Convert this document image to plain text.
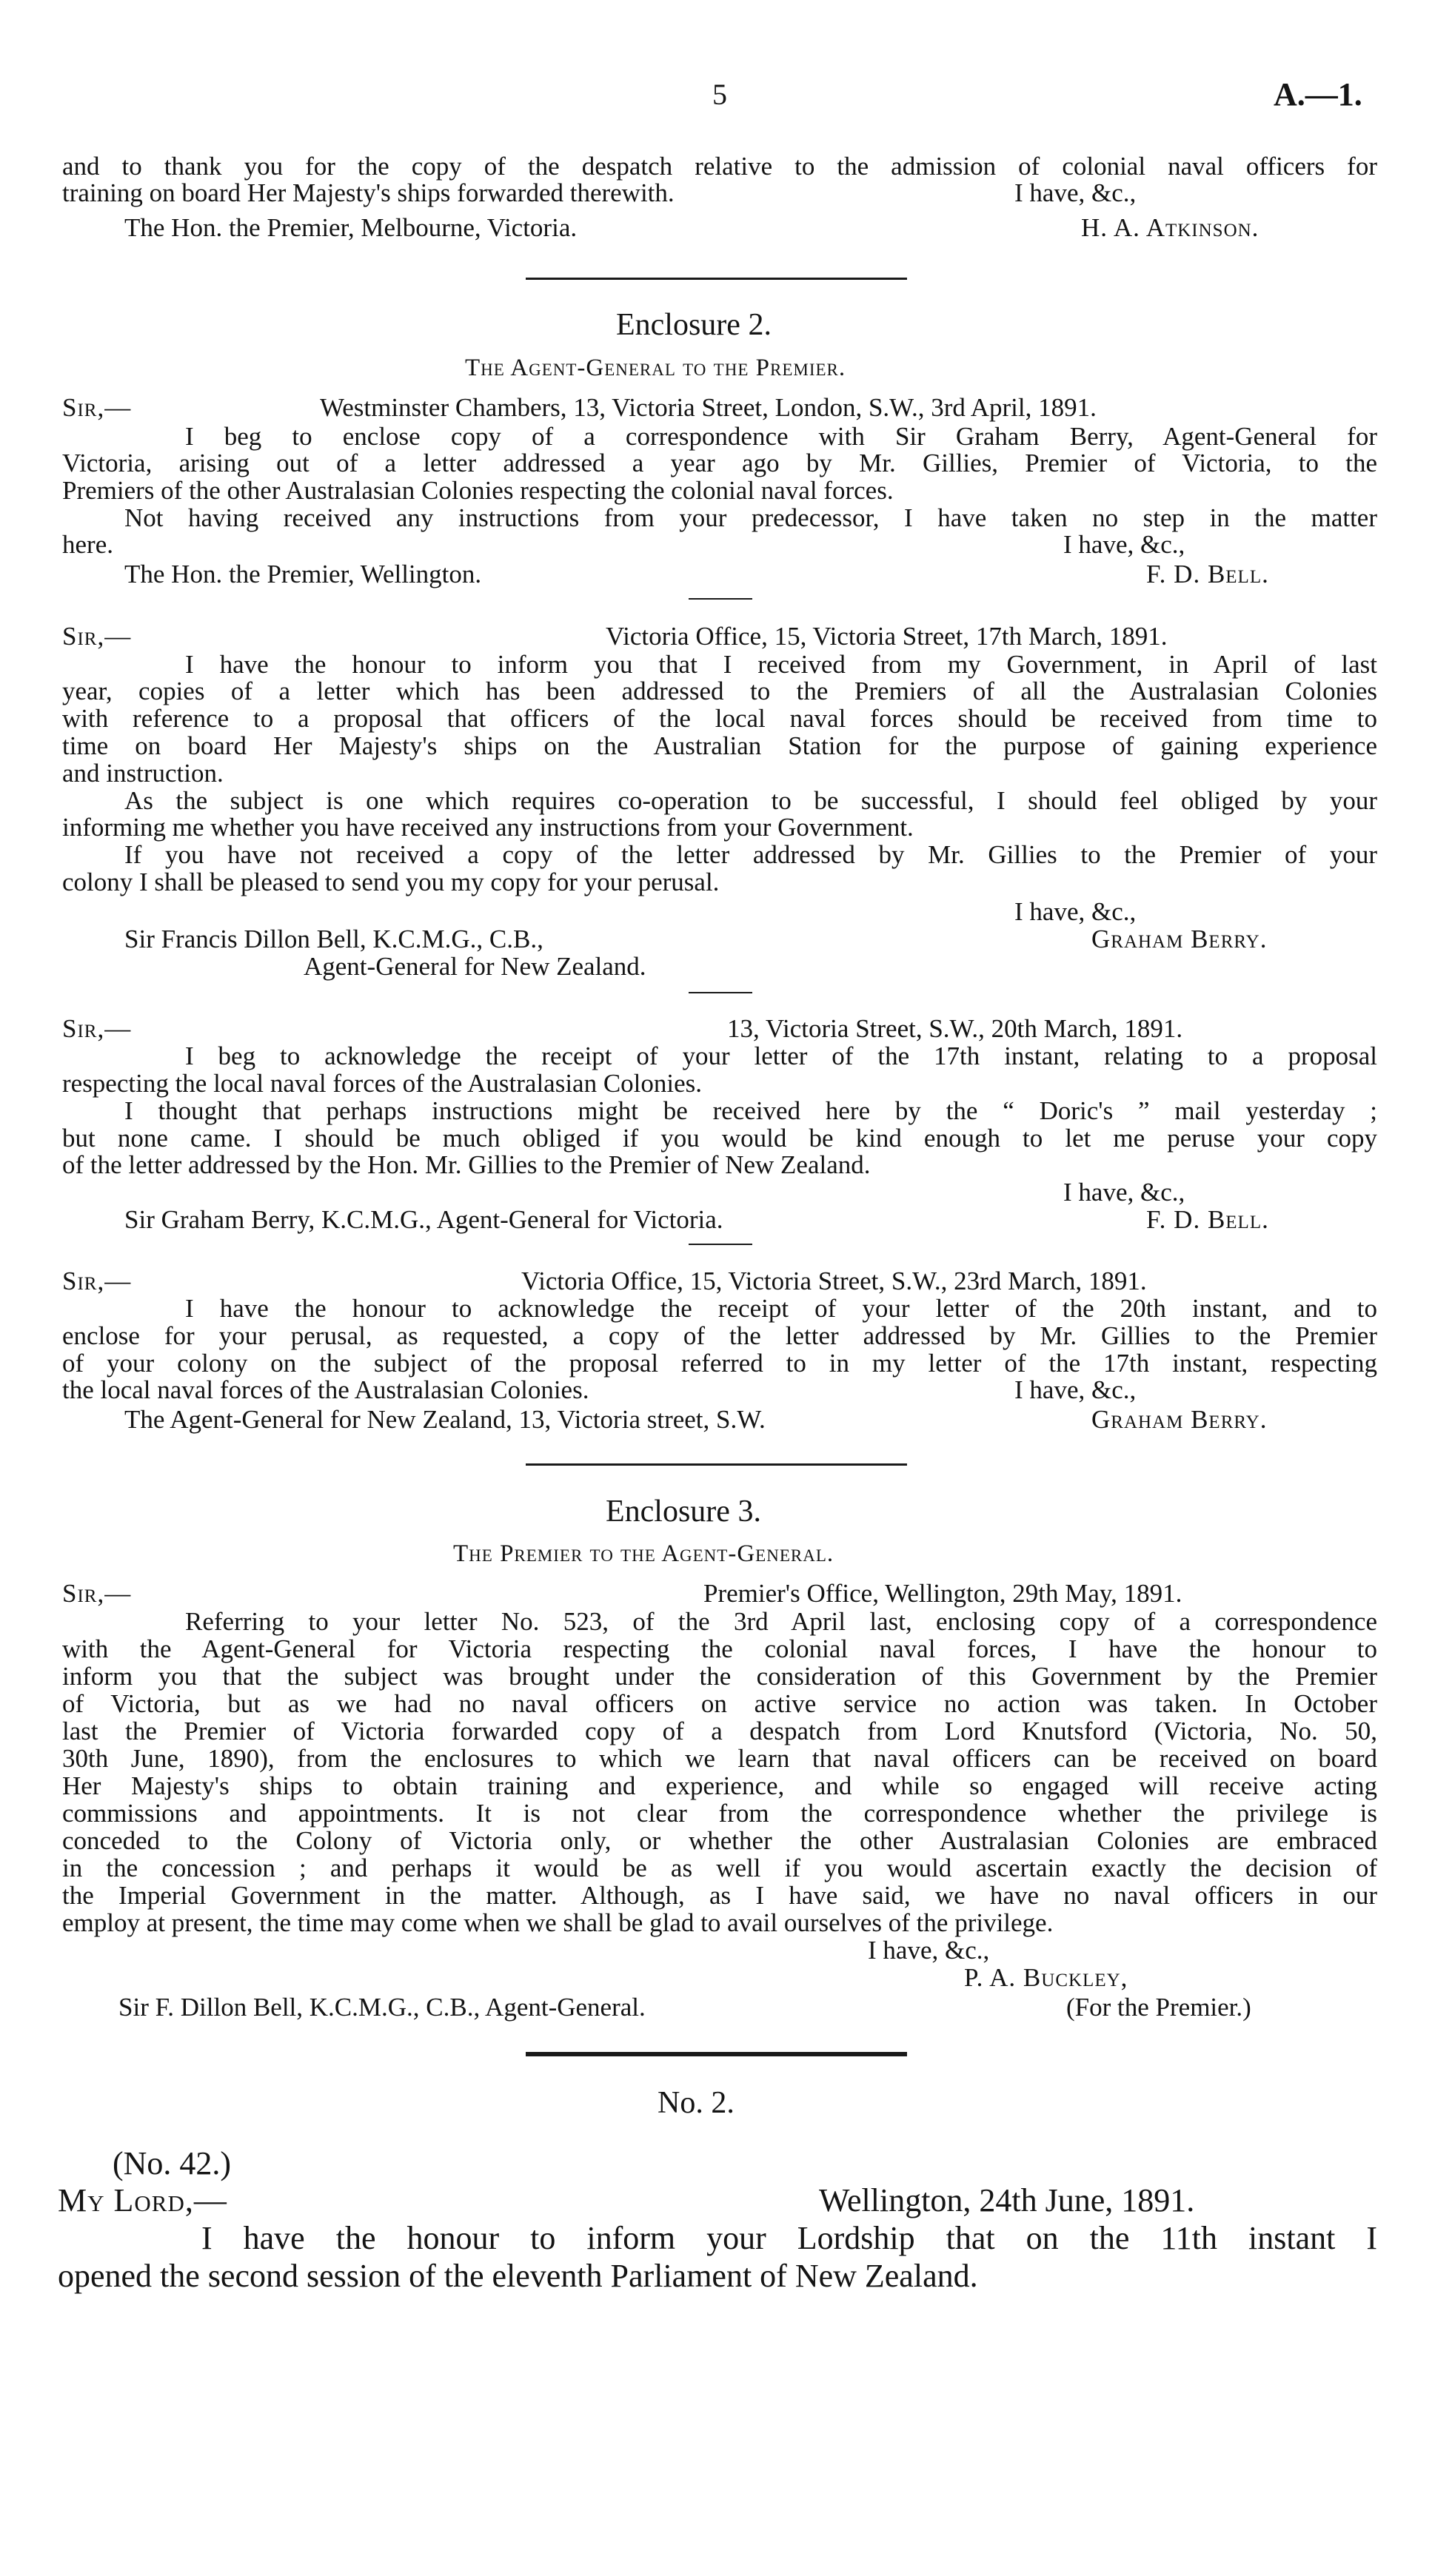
5	A.—1.
and to thank you for the copy of the despatch relative to the admission of colonial naval officers for
training on board Her Majesty's ships forwarded therewith.	I have, &c.,
The Hon. the Premier, Melbourne, Victoria.	H. A. Atkinson.
Enclosure 2.
The Agent-General to the Premier.
Sir,—	Westminster Chambers, 13, Victoria Street, London, S.W., 3rd April, 1891.
I beg to enclose copy of a correspondence with Sir Graham Berry, Agent-General for
Victoria, arising out of a letter addressed a year ago by Mr. Gillies, Premier of Victoria, to the
Premiers of the other Australasian Colonies respecting the colonial naval forces.
Not having received any instructions from your predecessor, I have taken no step in the matter
here.	I have, &c.,
The Hon. the Premier, Wellington.	F. D. Bell.
Sir,—	Victoria Office, 15, Victoria Street, 17th March, 1891.
I have the honour to inform you that I received from my Government, in April of last
year, copies of a letter which has been addressed to the Premiers of all the Australasian Colonies
with reference to a proposal that officers of the local naval forces should be received from time to
time on board Her Majesty's ships on the Australian Station for the purpose of gaining experience
and instruction.
As the subject is one which requires co-operation to be successful, I should feel obliged by your
informing me whether you have received any instructions from your Government.
If you have not received a copy of the letter addressed by Mr. Gillies to the Premier of your
colony I shall be pleased to send you my copy for your perusal.
I have, &c.,
Sir Francis Dillon Bell, K.C.M.G., C.B.,	Graham Berry.
Agent-General for New Zealand.
Sir,—	13, Victoria Street, S.W., 20th March, 1891.
I beg to acknowledge the receipt of your letter of the 17th instant, relating to a proposal
respecting the local naval forces of the Australasian Colonies.
I thought that perhaps instructions might be received here by the “ Doric's ” mail yesterday ;
but none came. I should be much obliged if you would be kind enough to let me peruse your copy
of the letter addressed by the Hon. Mr. Gillies to the Premier of New Zealand.
I have, &c.,
Sir Graham Berry, K.C.M.G., Agent-General for Victoria.	F. D. Bell.
Sir,—	Victoria Office, 15, Victoria Street, S.W., 23rd March, 1891.
I have the honour to acknowledge the receipt of your letter of the 20th instant, and to
enclose for your perusal, as requested, a copy of the letter addressed by Mr. Gillies to the Premier
of your colony on the subject of the proposal referred to in my letter of the 17th instant, respecting
the local naval forces of the Australasian Colonies.	I have, &c.,
The Agent-General for New Zealand, 13, Victoria street, S.W.	Graham Berry.
Enclosure 3.
The Premier to the Agent-General.
Sir,—	Premier's Office, Wellington, 29th May, 1891.
Referring to your letter No. 523, of the 3rd April last, enclosing copy of a correspondence
with the Agent-General for Victoria respecting the colonial naval forces, I have the honour to
inform you that the subject was brought under the consideration of this Government by the Premier
of Victoria, but as we had no naval officers on active service no action was taken. In October
last the Premier of Victoria forwarded copy of a despatch from Lord Knutsford (Victoria, No. 50,
30th June, 1890), from the enclosures to which we learn that naval officers can be received on board
Her Majesty's ships to obtain training and experience, and while so engaged will receive acting
commissions and appointments. It is not clear from the correspondence whether the privilege is
conceded to the Colony of Victoria only, or whether the other Australasian Colonies are embraced
in the concession ; and perhaps it would be as well if you would ascertain exactly the decision of
the Imperial Government in the matter. Although, as I have said, we have no naval officers in our
employ at present, the time may come when we shall be glad to avail ourselves of the privilege.
I have, &c.,
P. A. Buckley,
Sir F. Dillon Bell, K.C.M.G., C.B., Agent-General.	(For the Premier.)
No. 2.
(No. 42.)
My Lord,—	Wellington, 24th June, 1891.
I have the honour to inform your Lordship that on the 11th instant I
opened the second session of the eleventh Parliament of New Zealand.
